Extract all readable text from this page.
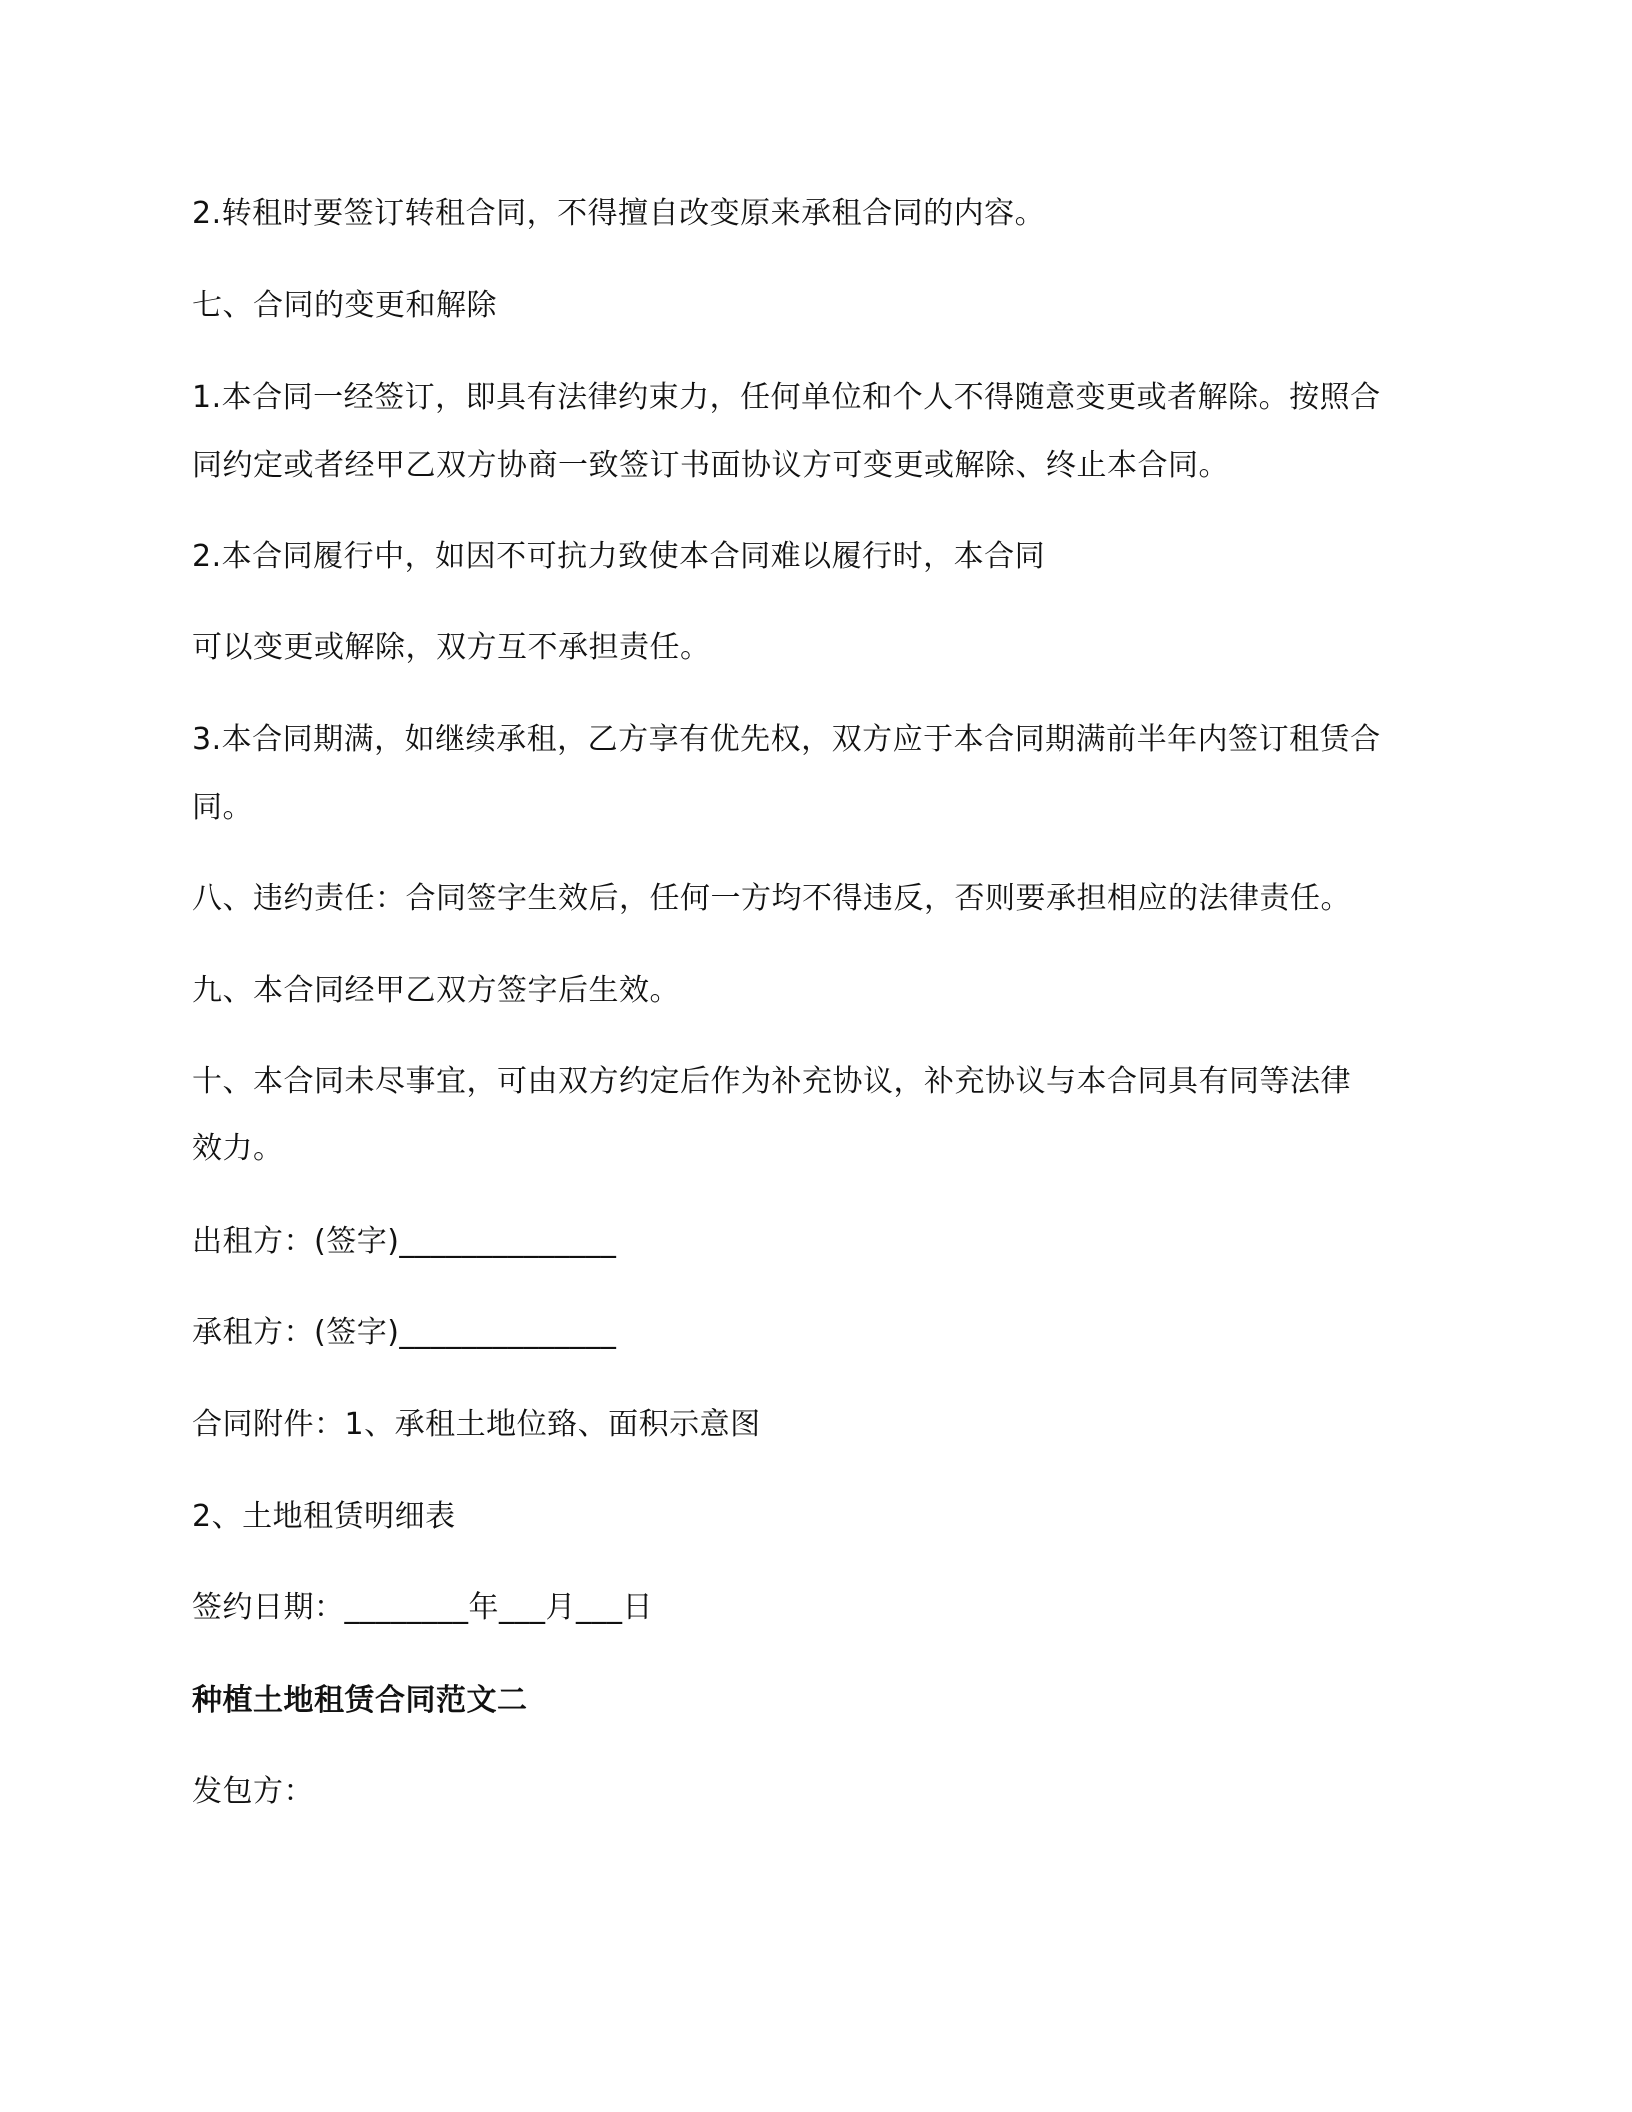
2.转租时要签订转租合同，不得擅自改变原来承租合同的内容。
七、合同的变更和解除
1.本合同一经签订，即具有法律约束力，任何单位和个人不得随意变更或者解除。按照合
同约定或者经甲乙双方协商一致签订书面协议方可变更或解除、终止本合同。
2.本合同履行中，如因不可抗力致使本合同难以履行时，本合同
可以变更或解除，双方互不承担责任。
3.本合同期满，如继续承租，乙方享有优先权，双方应于本合同期满前半年内签订租赁合
同。
八、违约责任：合同签字生效后，任何一方均不得违反，否则要承担相应的法律责任。
九、本合同经甲乙双方签字后生效。
十、本合同未尽事宜，可由双方约定后作为补充协议，补充协议与本合同具有同等法律
效力。
出租方：(签字)______________
承租方：(签字)______________
合同附件：1、承租土地位臵、面积示意图
2、土地租赁明细表
签约日期：________年___月___日
种植土地租赁合同范文二
发包方：
